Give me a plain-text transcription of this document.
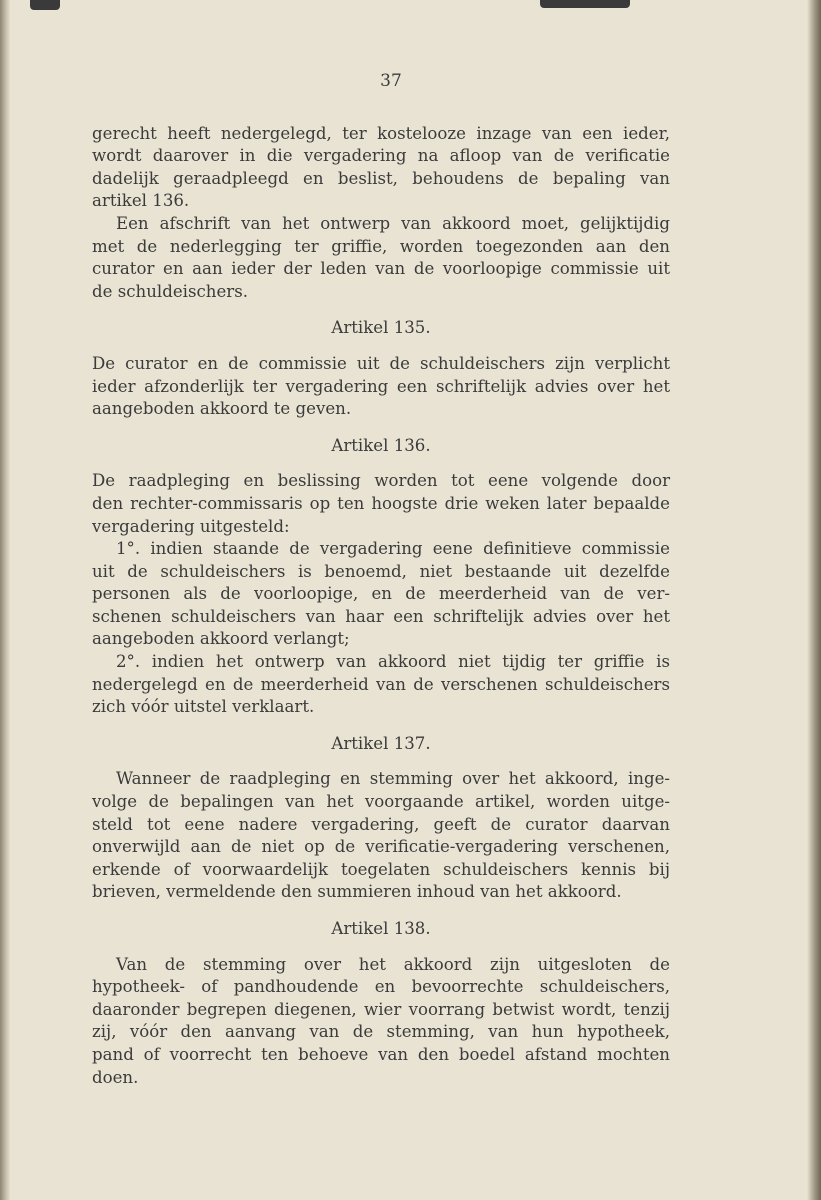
37

gerecht heeft nedergelegd, ter kostelooze inzage van een ieder,
wordt daarover in die vergadering na afloop van de verificatie
dadelijk geraadpleegd en beslist, behoudens de bepaling van
artikel 136.

Een afschrift van het ontwerp van akkoord moet, gelijktijdig
met de nederlegging ter griffie, worden toegezonden aan den
curator en aan ieder der leden van de voorloopige commissie uit
de schuldeischers.

Artikel 135.

De curator en de commissie uit de schuldeischers zijn verplicht
ieder afzonderlijk ter vergadering een schriftelijk advies over het
aangeboden akkoord te geven.

Artikel 136.

De raadpleging en beslissing worden tot eene volgende door
den rechter-commissaris op ten hoogste drie weken later bepaalde
vergadering uitgesteld:

1°. indien staande de vergadering eene definitieve commissie
uit de schuldeischers is benoemd, niet bestaande uit dezelfde
personen als de voorloopige, en de meerderheid van de ver-
schenen schuldeischers van haar een schriftelijk advies over het
aangeboden akkoord verlangt;

2°. indien het ontwerp van akkoord niet tijdig ter griffie is
nedergelegd en de meerderheid van de verschenen schuldeischers
zich vóór uitstel verklaart.

Artikel 137.

Wanneer de raadpleging en stemming over het akkoord, inge-
volge de bepalingen van het voorgaande artikel, worden uitge-
steld tot eene nadere vergadering, geeft de curator daarvan
onverwijld aan de niet op de verificatie-vergadering verschenen,
erkende of voorwaardelijk toegelaten schuldeischers kennis bij
brieven, vermeldende den summieren inhoud van het akkoord.

Artikel 138.

Van de stemming over het akkoord zijn uitgesloten de
hypotheek- of pandhoudende en bevoorrechte schuldeischers,
daaronder begrepen diegenen, wier voorrang betwist wordt, tenzij
zij, vóór den aanvang van de stemming, van hun hypotheek,
pand of voorrecht ten behoeve van den boedel afstand mochten
doen.
